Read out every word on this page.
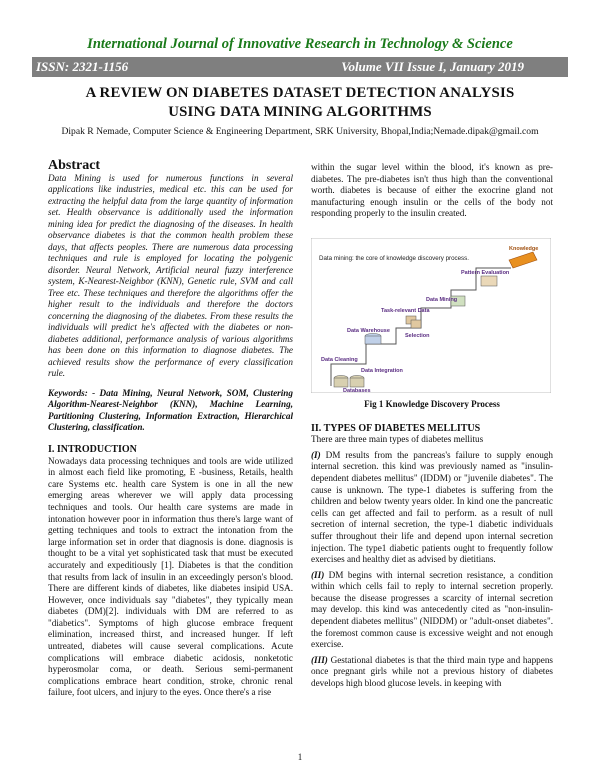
International Journal of Innovative Research in Technology & Science
ISSN: 2321-1156	Volume VII Issue I, January 2019
A REVIEW ON DIABETES DATASET DETECTION ANALYSIS
USING DATA MINING ALGORITHMS
Dipak R Nemade, Computer Science & Engineering Department, SRK University, Bhopal,India;Nemade.dipak@gmail.com
Abstract

Data Mining is used for numerous functions in several applications like industries, medical etc. this can be used for extracting the helpful data from the large quantity of information set. Health observance is additionally used the information mining idea for predict the diagnosing of the diseases. In health observance diabetes is that the common health problem these days, that affects peoples. There are numerous data processing techniques and rule is employed for locating the polygenic disorder. Neural Network, Artificial neural fuzzy interference system, K-Nearest-Neighbor (KNN), Genetic rule, SVM and call Tree etc. These techniques and therefore the algorithms offer the higher result to the individuals and therefore the doctors concerning the diagnosing of the diabetes. From these results the individuals will predict he's affected with the diabetes or non-diabetes additional, performance analysis of various algorithms has been done on this information to diagnose diabetes. The achieved results show the performance of every classification rule.

Keywords: - Data Mining, Neural Network, SOM, Clustering Algorithm-Nearest-Neighbor (KNN), Machine Learning, Partitioning Clustering, Information Extraction, Hierarchical Clustering, classification.
I. INTRODUCTION

Nowadays data processing techniques and tools are wide utilized in almost each field like promoting, E -business, Retails, health care Systems etc. health care System is one in all the new emerging areas wherever we will apply data processing techniques and tools. Our health care systems are made in intonation however poor in information thus there's large want of getting techniques and tools to extract the intonation from the large information set in order that diagnosis is done. diagnosis is thought to be a vital yet sophisticated task that must be executed accurately and expeditiously [1]. Diabetes is that the condition that results from lack of insulin in an exceedingly person's blood. There are different kinds of diabetes, like diabetes insipid USA. However, once individuals say "diabetes", they typically mean diabetes (DM)[2]. individuals with DM are referred to as "diabetics". Symptoms of high glucose embrace frequent elimination, increased thirst, and increased hunger. If left untreated, diabetes will cause several complications. Acute complications will embrace diabetic acidosis, nonketotic hyperosmolar coma, or death. Serious semi-permanent complications embrace heart condition, stroke, chronic renal failure, foot ulcers, and injury to the eyes. Once there's a rise

within the sugar level within the blood, it's known as pre-diabetes. The pre-diabetes isn't thus high than the conventional worth. diabetes is because of either the exocrine gland not manufacturing enough insulin or the cells of the body not responding properly to the insulin created.

Data mining: the core of knowledge discovery process.
Databases
Data Cleaning
Data Integration
Data Warehouse
Selection
Task-relevant Data
Data Mining
Pattern Evaluation
Knowledge
Fig 1 Knowledge Discovery Process
II. TYPES OF DIABETES MELLITUS

There are three main types of diabetes mellitus

(I) DM results from the pancreas's failure to supply enough internal secretion. this kind was previously named as "insulin-dependent diabetes mellitus" (IDDM) or "juvenile diabetes". The cause is unknown. The type-1 diabetes is suffering from the children and below twenty years older. In kind one the pancreatic cells can get affected and fail to perform. as a result of null secretion of internal secretion, the type-1 diabetic individuals suffer throughout their life and depend upon internal secretion injection. The type1 diabetic patients ought to frequently follow exercises and healthy diet as advised by dietitians.

(II) DM begins with internal secretion resistance, a condition within which cells fail to reply to internal secretion properly. because the disease progresses a scarcity of internal secretion may develop. this kind was antecedently cited as "non-insulin-dependent diabetes mellitus" (NIDDM) or "adult-onset diabetes". the foremost common cause is excessive weight and not enough exercise.

(III) Gestational diabetes is that the third main type and happens once pregnant girls while not a previous history of diabetes develops high blood glucose levels. in keeping with

1
